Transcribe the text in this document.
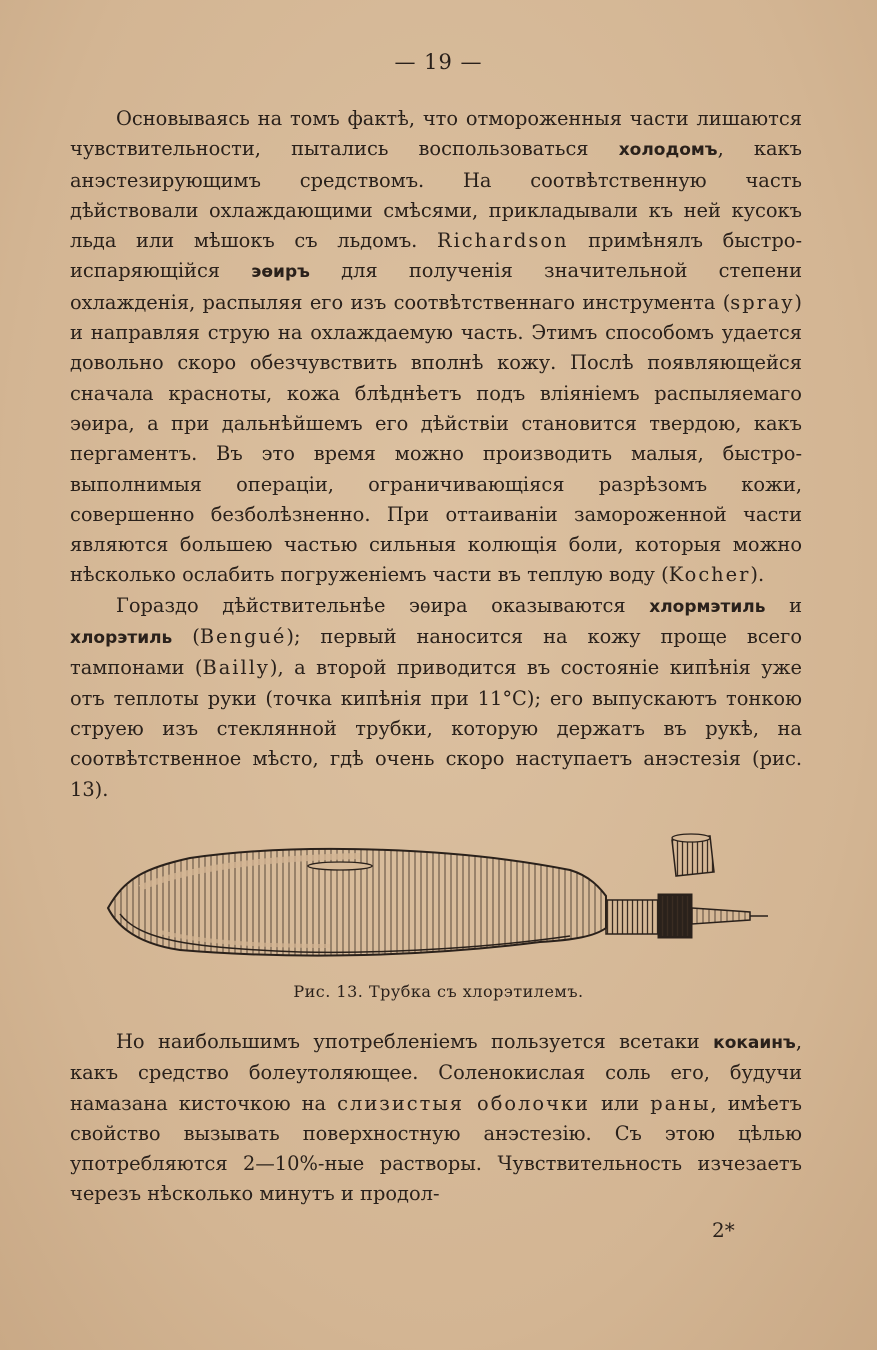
— 19 —

Основываясь на томъ фактѣ, что отмороженныя части лишаются чувствительности, пытались воспользоваться холодомъ, какъ анэстезирующимъ средствомъ. На соотвѣтственную часть дѣйствовали охлаждающими смѣсями, прикладывали къ ней кусокъ льда или мѣшокъ съ льдомъ. Richardson примѣнялъ быстро-испаряющійся эѳиръ для полученія значительной степени охлажденія, распыляя его изъ соотвѣтственнаго инструмента (spray) и направляя струю на охлаждаемую часть. Этимъ способомъ удается довольно скоро обезчувствить вполнѣ кожу. Послѣ появляющейся сначала красноты, кожа блѣднѣетъ подъ вліяніемъ распыляемаго эѳира, а при дальнѣйшемъ его дѣйствіи становится твердою, какъ пергаментъ. Въ это время можно производить малыя, быстро-выполнимыя операціи, ограничивающіяся разрѣзомъ кожи, совершенно безболѣзненно. При оттаиваніи замороженной части являются большею частью сильныя колющія боли, которыя можно нѣсколько ослабить погруженіемъ части въ теплую воду (Kocher).

Гораздо дѣйствительнѣе эѳира оказываются хлормэтиль и хлорэтиль (Bengué); первый наносится на кожу проще всего тампонами (Bailly), а второй приводится въ состояніе кипѣнія уже отъ теплоты руки (точка кипѣнія при 11°C); его выпускаютъ тонкою струею изъ стеклянной трубки, которую держатъ въ рукѣ, на соотвѣтственное мѣсто, гдѣ очень скоро наступаетъ анэстезія (рис. 13).

Рис. 13. Трубка съ хлорэтилемъ.

Но наибольшимъ употребленіемъ пользуется всетаки кокаинъ, какъ средство болеутоляющее. Соленокислая соль его, будучи намазана кисточкою на слизистыя оболочки или раны, имѣетъ свойство вызывать поверхностную анэстезію. Съ этою цѣлью употребляются 2—10%-ные растворы. Чувствительность изчезаетъ черезъ нѣсколько минутъ и продол-

2*
